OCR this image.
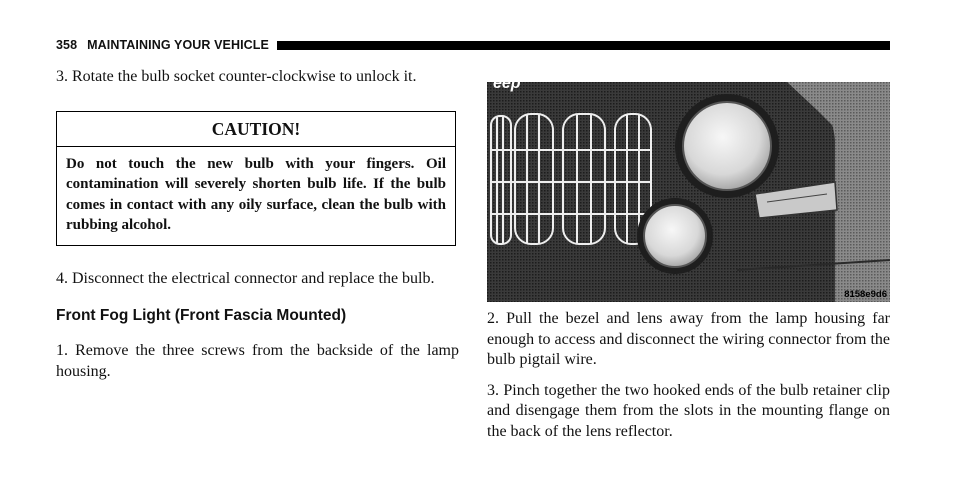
358 MAINTAINING YOUR VEHICLE

3. Rotate the bulb socket counter-clockwise to unlock it.

CAUTION!
Do not touch the new bulb with your fingers. Oil contamination will severely shorten bulb life. If the bulb comes in contact with any oily surface, clean the bulb with rubbing alcohol.

4. Disconnect the electrical connector and replace the bulb.

Front Fog Light (Front Fascia Mounted)

1. Remove the three screws from the backside of the lamp housing.

eep
8158e9d6

2. Pull the bezel and lens away from the lamp housing far enough to access and disconnect the wiring connector from the bulb pigtail wire.

3. Pinch together the two hooked ends of the bulb retainer clip and disengage them from the slots in the mounting flange on the back of the lens reflector.
